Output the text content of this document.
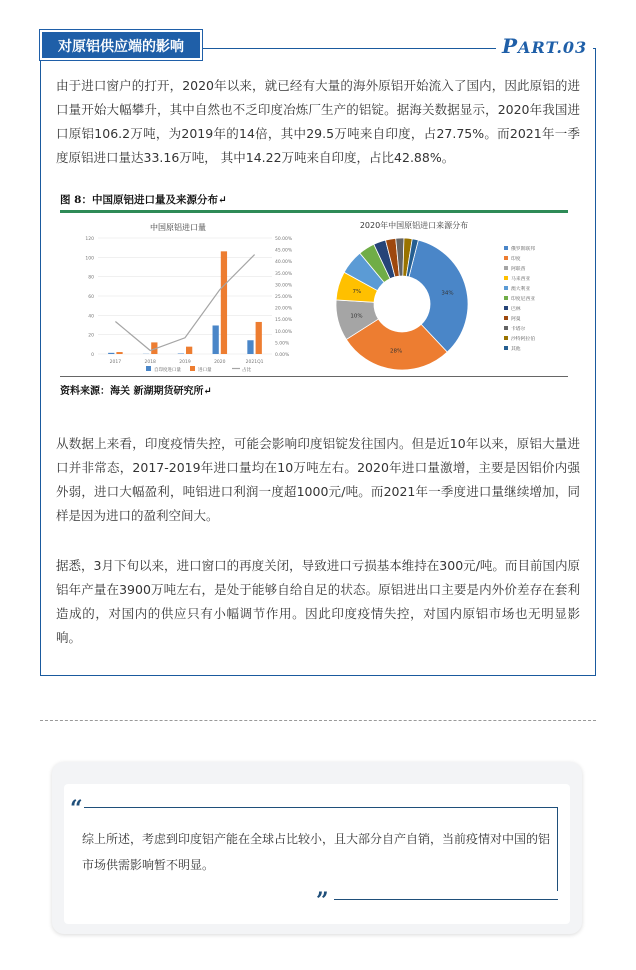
对原铝供应端的影响	PART.03
由于进口窗户的打开，2020年以来，就已经有大量的海外原铝开始流入了国内，因此原铝的进口量开始大幅攀升，其中自然也不乏印度冶炼厂生产的铝锭。据海关数据显示，2020年我国进口原铝106.2万吨，为2019年的14倍，其中29.5万吨来自印度，占27.75%。而2021年一季度原铝进口量达33.16万吨， 其中14.22万吨来自印度，占比42.88%。
图 8：中国原铝进口量及来源分布↵
中国原铝进口量
0
20
40
60
80
100
120
0.00%
5.00%
10.00%
15.00%
20.00%
25.00%
30.00%
35.00%
40.00%
45.00%
50.00%
2017	2018	2019	2020	2021Q1
自印度进口量	进口量	占比
2020年中国原铝进口来源分布
34%
28%
10%
7%
俄罗斯联邦
印度
阿联酋
马来西亚
澳大利亚
印度尼西亚
巴林
阿曼
卡塔尔
沙特阿拉伯
其他
资料来源：海关 新湖期货研究所↵
从数据上来看，印度疫情失控，可能会影响印度铝锭发往国内。但是近10年以来，原铝大量进口并非常态，2017-2019年进口量均在10万吨左右。2020年进口量激增，主要是因铝价内强外弱，进口大幅盈利，吨铝进口利润一度超1000元/吨。而2021年一季度进口量继续增加，同样是因为进口的盈利空间大。
据悉，3月下旬以来，进口窗口的再度关闭，导致进口亏损基本维持在300元/吨。而目前国内原铝年产量在3900万吨左右，是处于能够自给自足的状态。原铝进出口主要是内外价差存在套利造成的，对国内的供应只有小幅调节作用。因此印度疫情失控，对国内原铝市场也无明显影响。
“
”
综上所述，考虑到印度铝产能在全球占比较小，且大部分自产自销，当前疫情对中国的铝市场供需影响暂不明显。
